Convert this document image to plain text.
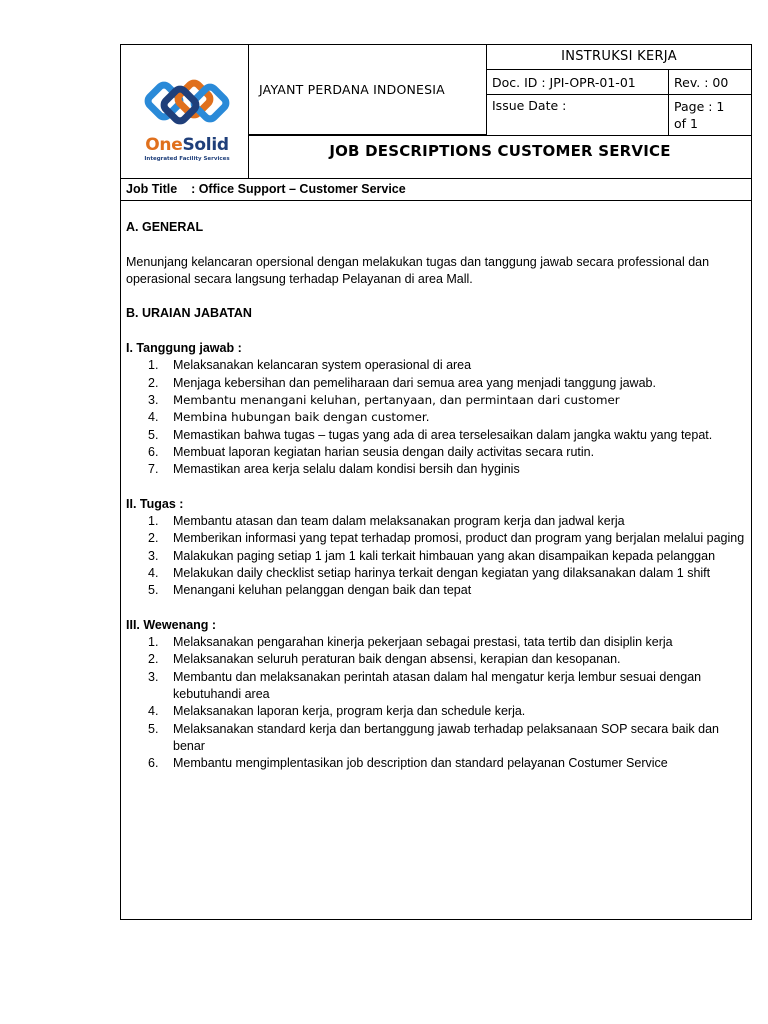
OneSolid
Integrated Facility Services
JAYANT PERDANA INDONESIA
INSTRUKSI KERJA
Doc. ID : JPI-OPR-01-01	Rev. : 00
Issue Date :	Page : 1
of 1
JOB DESCRIPTIONS CUSTOMER SERVICE
Job Title : Office Support – Customer Service
A. GENERAL

Menunjang kelancaran opersional dengan melakukan tugas dan tanggung jawab secara professional dan operasional secara langsung terhadap Pelayanan di area Mall.

B. URAIAN JABATAN
I. Tanggung jawab :
1.	Melaksanakan kelancaran system operasional di area
2.	Menjaga kebersihan dan pemeliharaan dari semua area yang menjadi tanggung jawab.
3.	Membantu menangani keluhan, pertanyaan, dan permintaan dari customer
4.	Membina hubungan baik dengan customer.
5.	Memastikan bahwa tugas – tugas yang ada di area terselesaikan dalam jangka waktu yang tepat.
6.	Membuat laporan kegiatan harian seusia dengan daily activitas secara rutin.
7.	Memastikan area kerja selalu dalam kondisi bersih dan hyginis
II. Tugas :
1.	Membantu atasan dan team dalam melaksanakan program kerja dan jadwal kerja
2.	Memberikan informasi yang tepat terhadap promosi, product dan program yang berjalan melalui paging
3.	Malakukan paging setiap 1 jam 1 kali terkait himbauan yang akan disampaikan kepada pelanggan
4.	Melakukan daily checklist setiap harinya terkait dengan kegiatan yang dilaksanakan dalam 1 shift
5.	Menangani keluhan pelanggan dengan baik dan tepat
III. Wewenang :
1.	Melaksanakan pengarahan kinerja pekerjaan sebagai prestasi, tata tertib dan disiplin kerja
2.	Melaksanakan seluruh peraturan baik dengan absensi, kerapian dan kesopanan.
3.	Membantu dan melaksanakan perintah atasan dalam hal mengatur kerja lembur sesuai dengan kebutuhandi area
4.	Melaksanakan laporan kerja, program kerja dan schedule kerja.
5.	Melaksanakan standard kerja dan bertanggung jawab terhadap pelaksanaan SOP secara baik dan benar
6.	Membantu mengimplentasikan job description dan standard pelayanan Costumer Service
